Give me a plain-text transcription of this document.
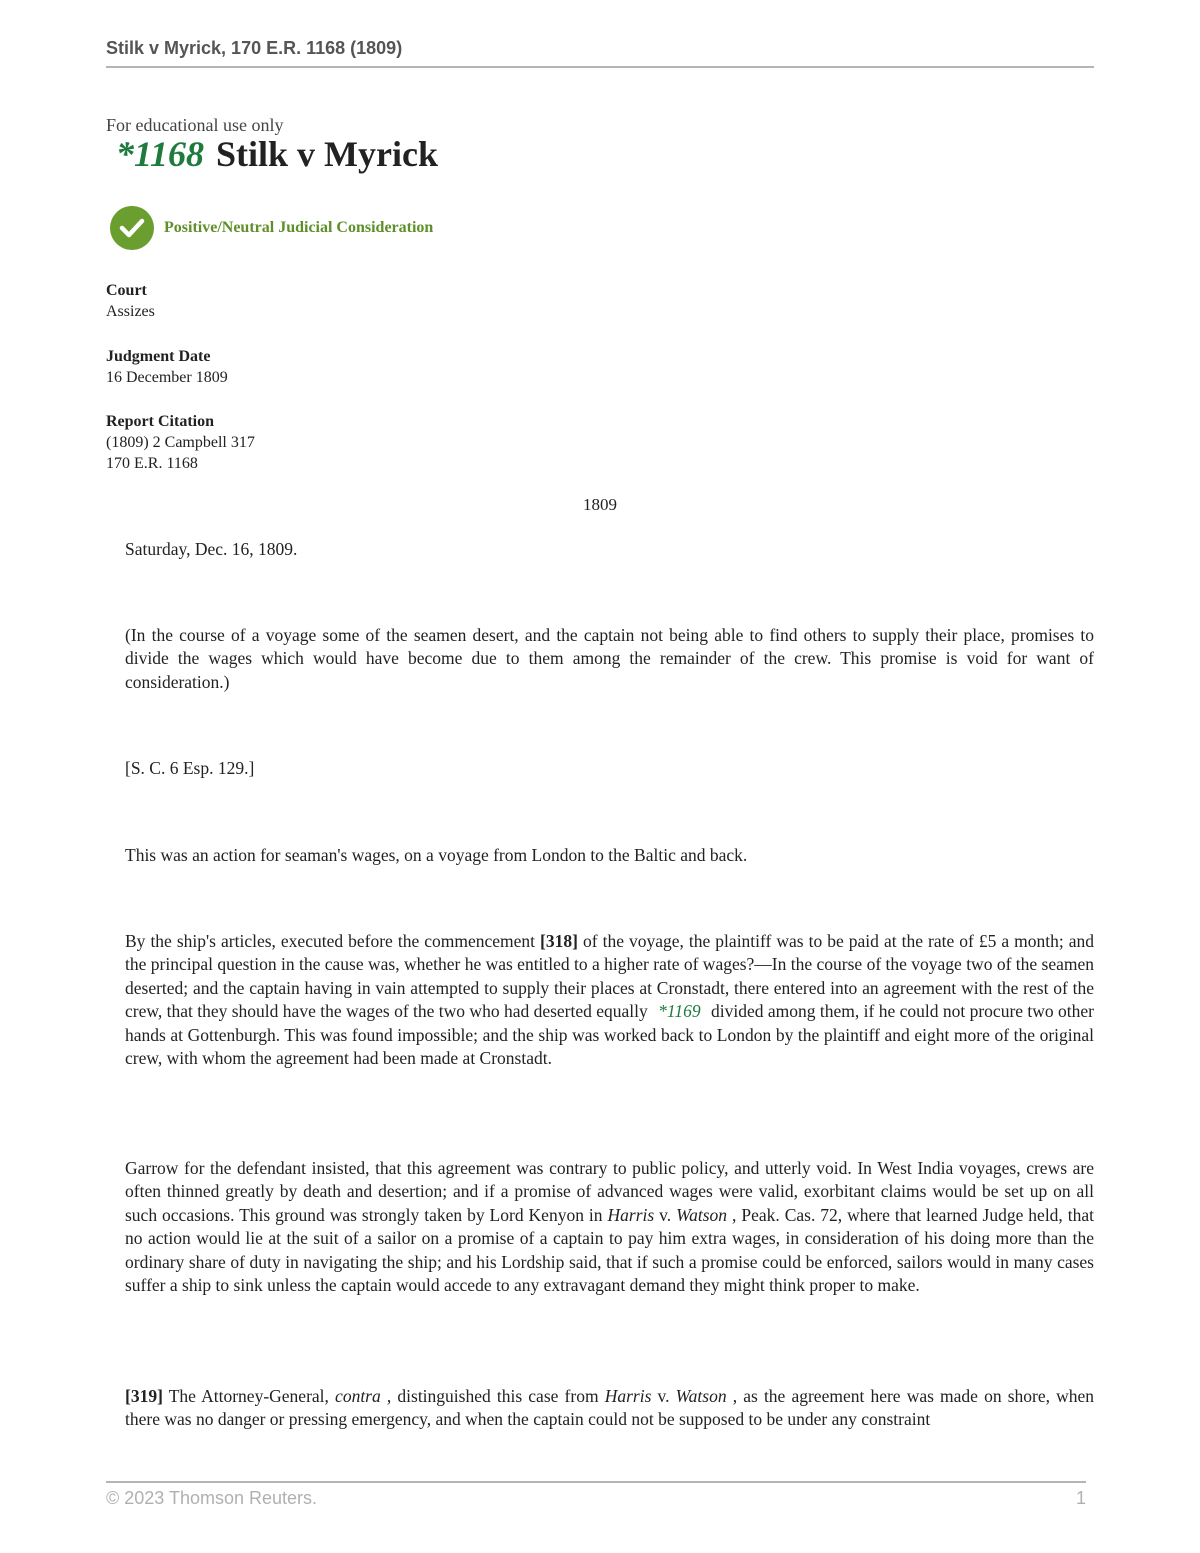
Stilk v Myrick, 170 E.R. 1168 (1809)
For educational use only
*1168 Stilk v Myrick
Positive/Neutral Judicial Consideration
Court
Assizes
Judgment Date
16 December 1809
Report Citation
(1809) 2 Campbell 317
170 E.R. 1168
1809
Saturday, Dec. 16, 1809.
(In the course of a voyage some of the seamen desert, and the captain not being able to find others to supply their place, promises to divide the wages which would have become due to them among the remainder of the crew. This promise is void for want of consideration.)
[S. C. 6 Esp. 129.]
This was an action for seaman's wages, on a voyage from London to the Baltic and back.
By the ship's articles, executed before the commencement [318] of the voyage, the plaintiff was to be paid at the rate of £5 a month; and the principal question in the cause was, whether he was entitled to a higher rate of wages?—In the course of the voyage two of the seamen deserted; and the captain having in vain attempted to supply their places at Cronstadt, there entered into an agreement with the rest of the crew, that they should have the wages of the two who had deserted equally *1169 divided among them, if he could not procure two other hands at Gottenburgh. This was found impossible; and the ship was worked back to London by the plaintiff and eight more of the original crew, with whom the agreement had been made at Cronstadt.
Garrow for the defendant insisted, that this agreement was contrary to public policy, and utterly void. In West India voyages, crews are often thinned greatly by death and desertion; and if a promise of advanced wages were valid, exorbitant claims would be set up on all such occasions. This ground was strongly taken by Lord Kenyon in Harris v. Watson , Peak. Cas. 72, where that learned Judge held, that no action would lie at the suit of a sailor on a promise of a captain to pay him extra wages, in consideration of his doing more than the ordinary share of duty in navigating the ship; and his Lordship said, that if such a promise could be enforced, sailors would in many cases suffer a ship to sink unless the captain would accede to any extravagant demand they might think proper to make.
[319] The Attorney-General, contra , distinguished this case from Harris v. Watson , as the agreement here was made on shore, when there was no danger or pressing emergency, and when the captain could not be supposed to be under any constraint
© 2023 Thomson Reuters.	1
